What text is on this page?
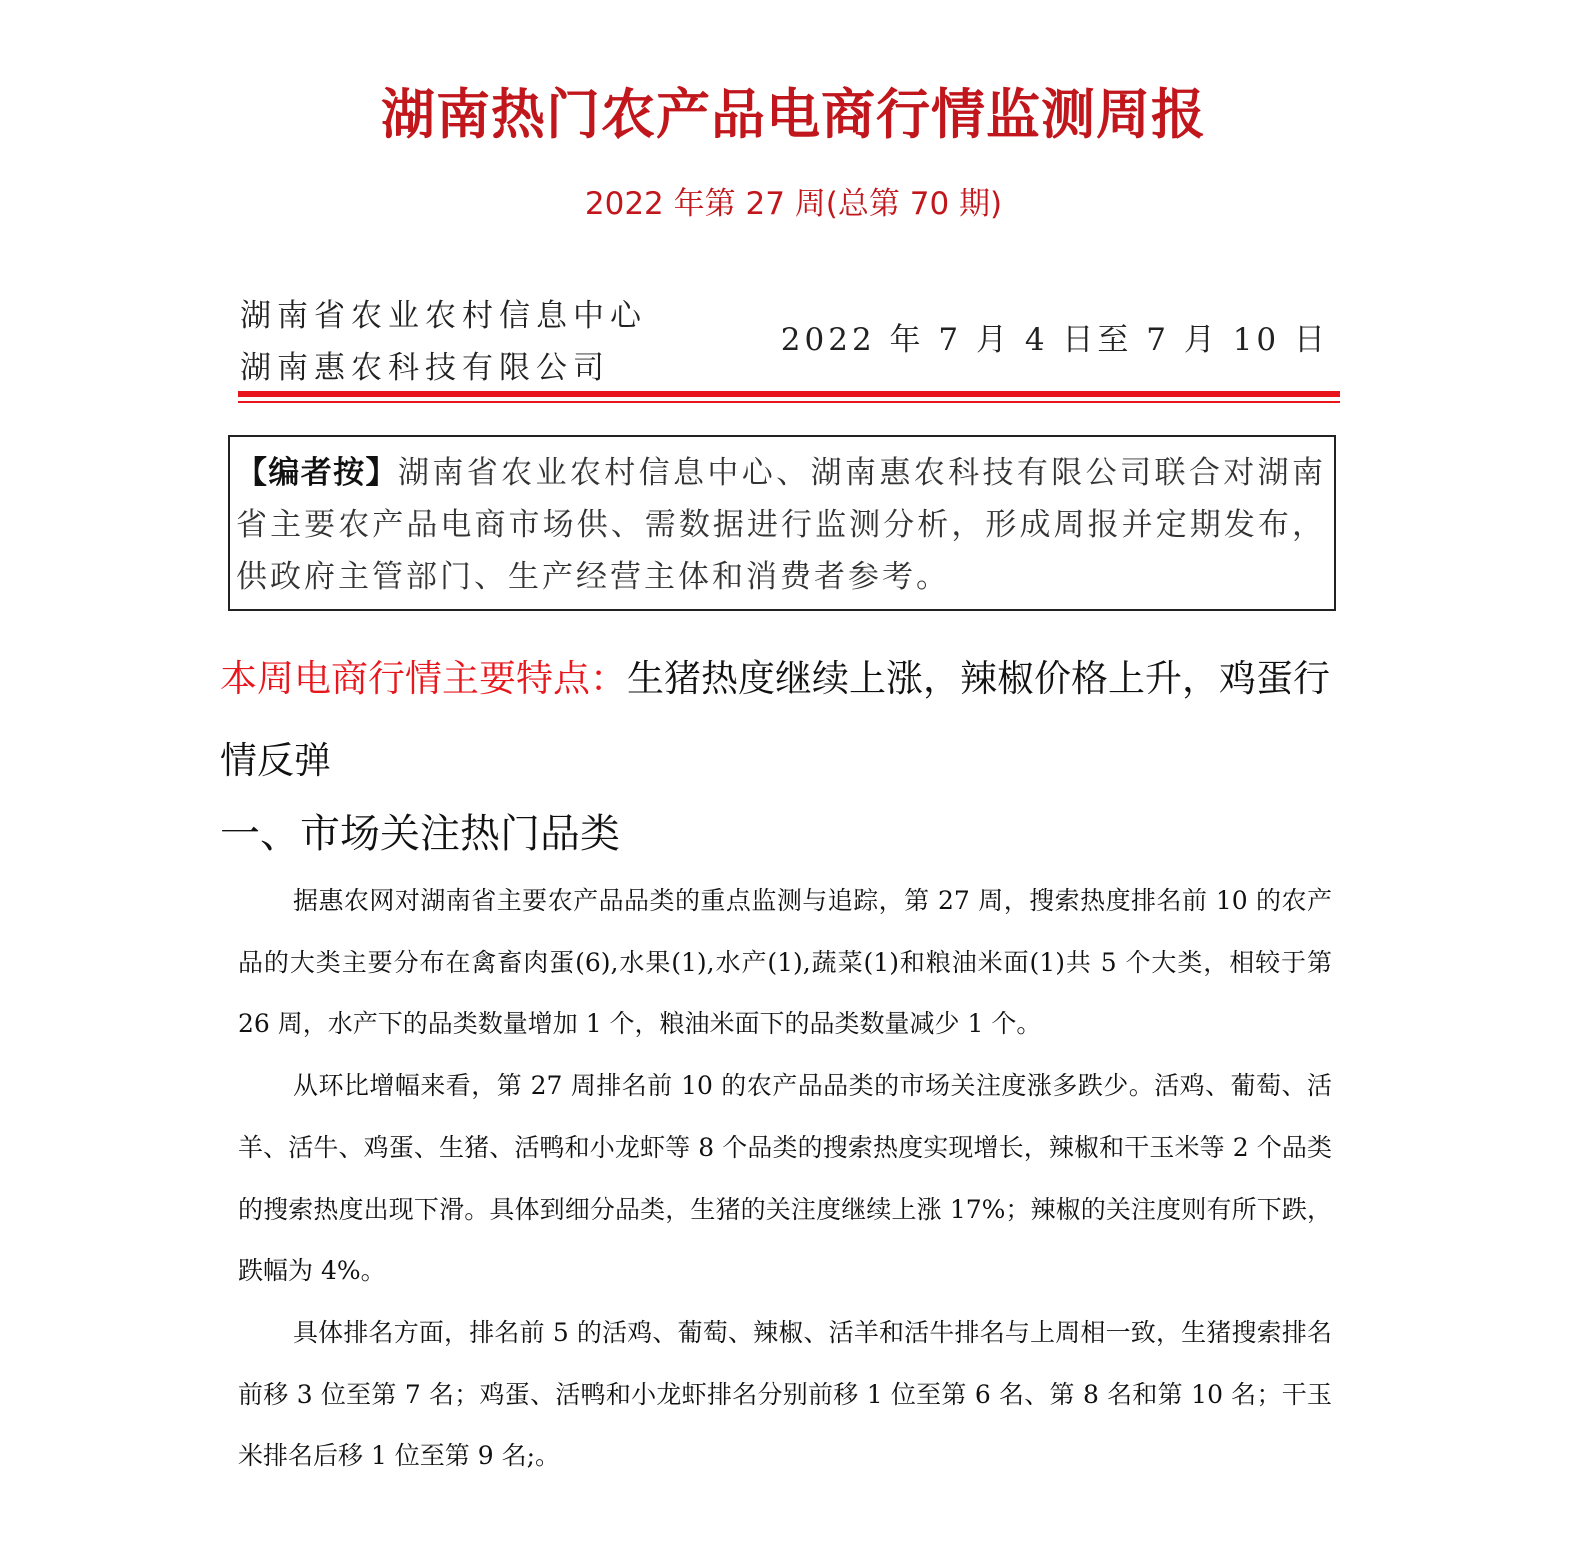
湖南热门农产品电商行情监测周报
2022 年第 27 周(总第 70 期)
湖南省农业农村信息中心
湖南惠农科技有限公司
2022 年 7 月 4 日至 7 月 10 日
【编者按】湖南省农业农村信息中心、湖南惠农科技有限公司联合对湖南省主要农产品电商市场供、需数据进行监测分析，形成周报并定期发布，供政府主管部门、生产经营主体和消费者参考。
本周电商行情主要特点：生猪热度继续上涨，辣椒价格上升，鸡蛋行情反弹
一、市场关注热门品类

据惠农网对湖南省主要农产品品类的重点监测与追踪，第 27 周，搜索热度排名前 10 的农产品的大类主要分布在禽畜肉蛋(6),水果(1),水产(1),蔬菜(1)和粮油米面(1)共 5 个大类，相较于第 26 周，水产下的品类数量增加 1 个，粮油米面下的品类数量减少 1 个。

从环比增幅来看，第 27 周排名前 10 的农产品品类的市场关注度涨多跌少。活鸡、葡萄、活羊、活牛、鸡蛋、生猪、活鸭和小龙虾等 8 个品类的搜索热度实现增长，辣椒和干玉米等 2 个品类的搜索热度出现下滑。具体到细分品类，生猪的关注度继续上涨 17%；辣椒的关注度则有所下跌，跌幅为 4%。

具体排名方面，排名前 5 的活鸡、葡萄、辣椒、活羊和活牛排名与上周相一致，生猪搜索排名前移 3 位至第 7 名；鸡蛋、活鸭和小龙虾排名分别前移 1 位至第 6 名、第 8 名和第 10 名；干玉米排名后移 1 位至第 9 名;。
